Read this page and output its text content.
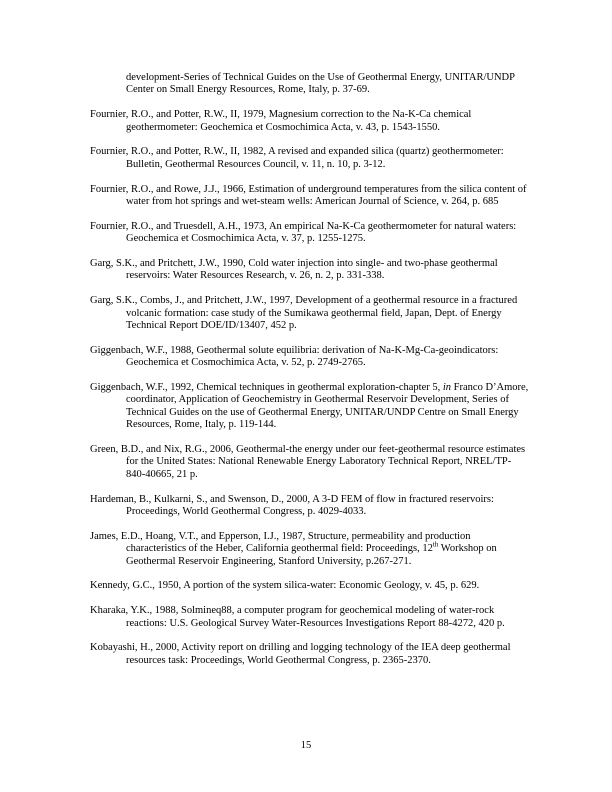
development-Series of Technical Guides on the Use of Geothermal Energy, UNITAR/UNDP Center on Small Energy Resources, Rome, Italy, p. 37-69.

Fournier, R.O., and Potter, R.W., II, 1979, Magnesium correction to the Na-K-Ca chemical geothermometer: Geochemica et Cosmochimica Acta, v. 43, p. 1543-1550.

Fournier, R.O., and Potter, R.W., II, 1982, A revised and expanded silica (quartz) geothermometer: Bulletin, Geothermal Resources Council, v. 11, n. 10, p. 3-12.

Fournier, R.O., and Rowe, J.J., 1966, Estimation of underground temperatures from the silica content of water from hot springs and wet-steam wells: American Journal of Science, v. 264, p. 685

Fournier, R.O., and Truesdell, A.H., 1973, An empirical Na-K-Ca geothermometer for natural waters: Geochemica et Cosmochimica Acta, v. 37, p. 1255-1275.

Garg, S.K., and Pritchett, J.W., 1990, Cold water injection into single- and two-phase geothermal reservoirs: Water Resources Research, v. 26, n. 2, p. 331-338.

Garg, S.K., Combs, J., and Pritchett, J.W., 1997, Development of a geothermal resource in a fractured volcanic formation: case study of the Sumikawa geothermal field, Japan, Dept. of Energy Technical Report DOE/ID/13407, 452 p.

Giggenbach, W.F., 1988, Geothermal solute equilibria: derivation of Na-K-Mg-Ca-geoindicators: Geochemica et Cosmochimica Acta, v. 52, p. 2749-2765.

Giggenbach, W.F., 1992, Chemical techniques in geothermal exploration-chapter 5, in Franco D’Amore, coordinator, Application of Geochemistry in Geothermal Reservoir Development, Series of Technical Guides on the use of Geothermal Energy, UNITAR/UNDP Centre on Small Energy Resources, Rome, Italy, p. 119-144.

Green, B.D., and Nix, R.G., 2006, Geothermal-the energy under our feet-geothermal resource estimates for the United States: National Renewable Energy Laboratory Technical Report, NREL/TP-840-40665, 21 p.

Hardeman, B., Kulkarni, S., and Swenson, D., 2000, A 3-D FEM of flow in fractured reservoirs: Proceedings, World Geothermal Congress, p. 4029-4033.

James, E.D., Hoang, V.T., and Epperson, I.J., 1987, Structure, permeability and production characteristics of the Heber, California geothermal field: Proceedings, 12th Workshop on Geothermal Reservoir Engineering, Stanford University, p.267-271.

Kennedy, G.C., 1950, A portion of the system silica-water: Economic Geology, v. 45, p. 629.

Kharaka, Y.K., 1988, Solmineq88, a computer program for geochemical modeling of water-rock reactions: U.S. Geological Survey Water-Resources Investigations Report 88-4272, 420 p.

Kobayashi, H., 2000, Activity report on drilling and logging technology of the IEA deep geothermal resources task: Proceedings, World Geothermal Congress, p. 2365-2370.

15
